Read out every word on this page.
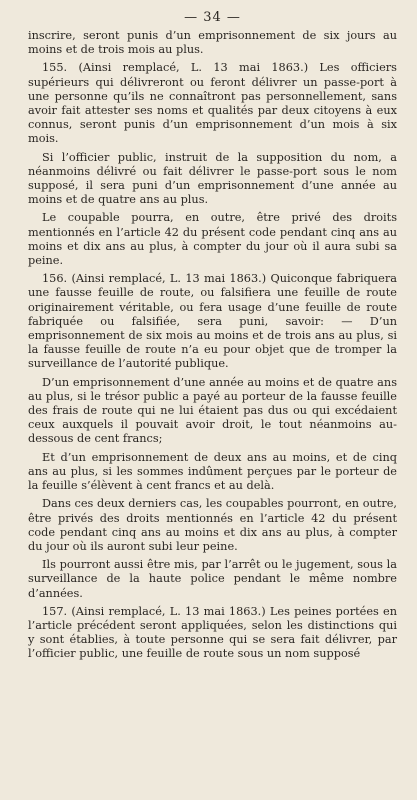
— 34 —

inscrire, seront punis d’un emprisonnement de six jours au moins et de trois mois au plus.

155. (Ainsi remplacé, L. 13 mai 1863.) Les officiers supérieurs qui délivreront ou feront délivrer un passe-port à une personne qu’ils ne connaîtront pas personnellement, sans avoir fait attester ses noms et qualités par deux citoyens à eux connus, seront punis d’un emprisonnement d’un mois à six mois.

Si l’officier public, instruit de la supposition du nom, a néanmoins délivré ou fait délivrer le passe-port sous le nom supposé, il sera puni d’un emprisonnement d’une année au moins et de quatre ans au plus.

Le coupable pourra, en outre, être privé des droits mentionnés en l’article 42 du présent code pendant cinq ans au moins et dix ans au plus, à compter du jour où il aura subi sa peine.

156. (Ainsi remplacé, L. 13 mai 1863.) Quiconque fabriquera une fausse feuille de route, ou falsifiera une feuille de route originairement véritable, ou fera usage d’une feuille de route fabriquée ou falsifiée, sera puni, savoir: — D’un emprisonnement de six mois au moins et de trois ans au plus, si la fausse feuille de route n’a eu pour objet que de tromper la surveillance de l’autorité publique.

D’un emprisonnement d’une année au moins et de quatre ans au plus, si le trésor public a payé au porteur de la fausse feuille des frais de route qui ne lui étaient pas dus ou qui excédaient ceux auxquels il pouvait avoir droit, le tout néanmoins au-dessous de cent francs;

Et d’un emprisonnement de deux ans au moins, et de cinq ans au plus, si les sommes indûment perçues par le porteur de la feuille s’élèvent à cent francs et au delà.

Dans ces deux derniers cas, les coupables pourront, en outre, être privés des droits mentionnés en l’article 42 du présent code pendant cinq ans au moins et dix ans au plus, à compter du jour où ils auront subi leur peine.

Ils pourront aussi être mis, par l’arrêt ou le jugement, sous la surveillance de la haute police pendant le même nombre d’années.

157. (Ainsi remplacé, L. 13 mai 1863.) Les peines portées en l’article précédent seront appliquées, selon les distinctions qui y sont établies, à toute personne qui se sera fait délivrer, par l’officier public, une feuille de route sous un nom supposé
